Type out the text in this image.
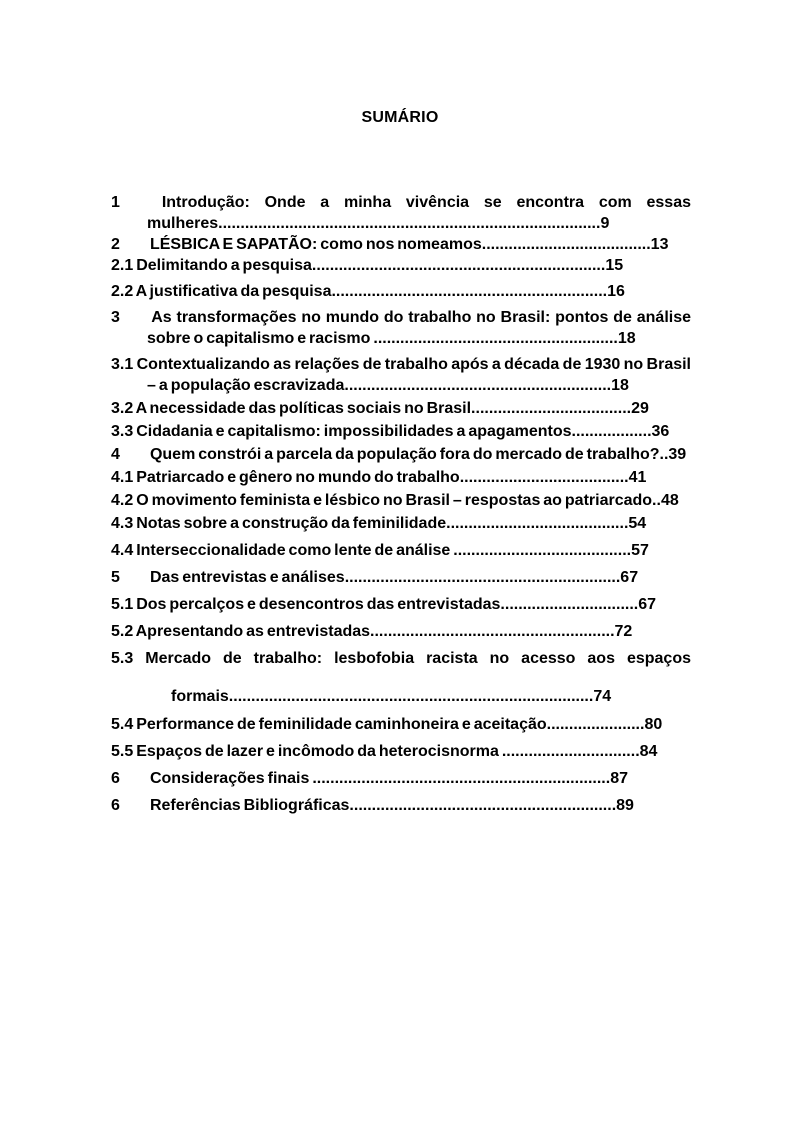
SUMÁRIO

1	Introdução: Onde a minha vivência se encontra com essas mulheres......................................................................................9

2 LÉSBICA E SAPATÃO: como nos nomeamos......................................13

2.1 Delimitando a pesquisa..................................................................15

2.2 A justificativa da pesquisa..............................................................16

3 As transformações no mundo do trabalho no Brasil: pontos de análise sobre o capitalismo e racismo .......................................................18

3.1 Contextualizando as relações de trabalho após a década de 1930 no Brasil – a população escravizada............................................................18

3.2 A necessidade das políticas sociais no Brasil....................................29

3.3 Cidadania e capitalismo: impossibilidades a apagamentos..................36

4 Quem constrói a parcela da população fora do mercado de trabalho?..39

4.1 Patriarcado e gênero no mundo do trabalho......................................41

4.2 O movimento feminista e lésbico no Brasil – respostas ao patriarcado..48

4.3 Notas sobre a construção da feminilidade.........................................54

4.4 Interseccionalidade como lente de análise ........................................57

5 Das entrevistas e análises..............................................................67

5.1 Dos percalços e desencontros das entrevistadas...............................67

5.2 Apresentando as entrevistadas.......................................................72

5.3 Mercado de trabalho: lesbofobia racista no acesso aos espaços formais..................................................................................74

5.4 Performance de feminilidade caminhoneira e aceitação......................80

5.5 Espaços de lazer e incômodo da heterocisnorma ...............................84

6 Considerações finais ...................................................................87

6 Referências Bibliográficas............................................................89
